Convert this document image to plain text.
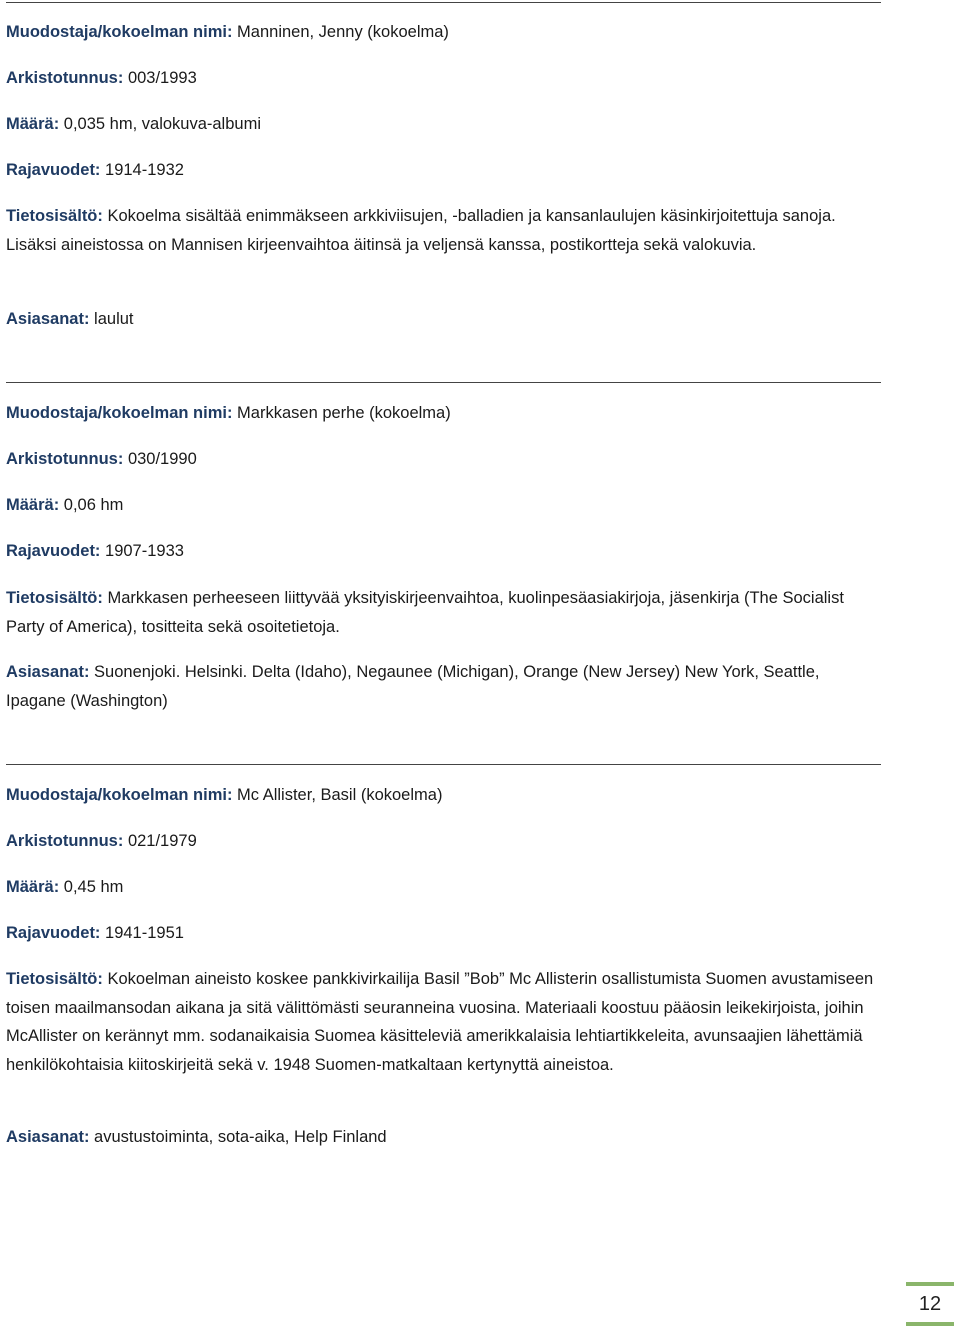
Muodostaja/kokoelman nimi: Manninen, Jenny (kokoelma)

Arkistotunnus: 003/1993

Määrä: 0,035 hm, valokuva-albumi

Rajavuodet: 1914-1932

Tietosisältö: Kokoelma sisältää enimmäkseen arkkiviisujen, -balladien ja kansanlaulujen käsinkirjoitettuja sanoja. Lisäksi aineistossa on Mannisen kirjeenvaihtoa äitinsä ja veljensä kanssa, postikortteja sekä valokuvia.

Asiasanat: laulut

Muodostaja/kokoelman nimi: Markkasen perhe (kokoelma)

Arkistotunnus: 030/1990

Määrä: 0,06 hm

Rajavuodet: 1907-1933

Tietosisältö: Markkasen perheeseen liittyvää yksityiskirjeenvaihtoa, kuolinpesäasiakirjoja, jäsenkirja (The Socialist Party of America), tositteita sekä osoitetietoja.

Asiasanat: Suonenjoki. Helsinki. Delta (Idaho), Negaunee (Michigan), Orange (New Jersey) New York, Seattle, Ipagane (Washington)

Muodostaja/kokoelman nimi: Mc Allister, Basil (kokoelma)

Arkistotunnus: 021/1979

Määrä: 0,45 hm

Rajavuodet: 1941-1951

Tietosisältö: Kokoelman aineisto koskee pankkivirkailija Basil ”Bob” Mc Allisterin osallistumista Suomen avustamiseen toisen maailmansodan aikana ja sitä välittömästi seuranneina vuosina. Materiaali koostuu pääosin leikekirjoista, joihin McAllister on kerännyt mm. sodanaikaisia Suomea käsitteleviä amerikkalaisia lehtiartikkeleita, avunsaajien lähettämiä henkilökohtaisia kiitoskirjeitä sekä v. 1948 Suomen-matkaltaan kertynyttä aineistoa.

Asiasanat: avustustoiminta, sota-aika, Help Finland

12
